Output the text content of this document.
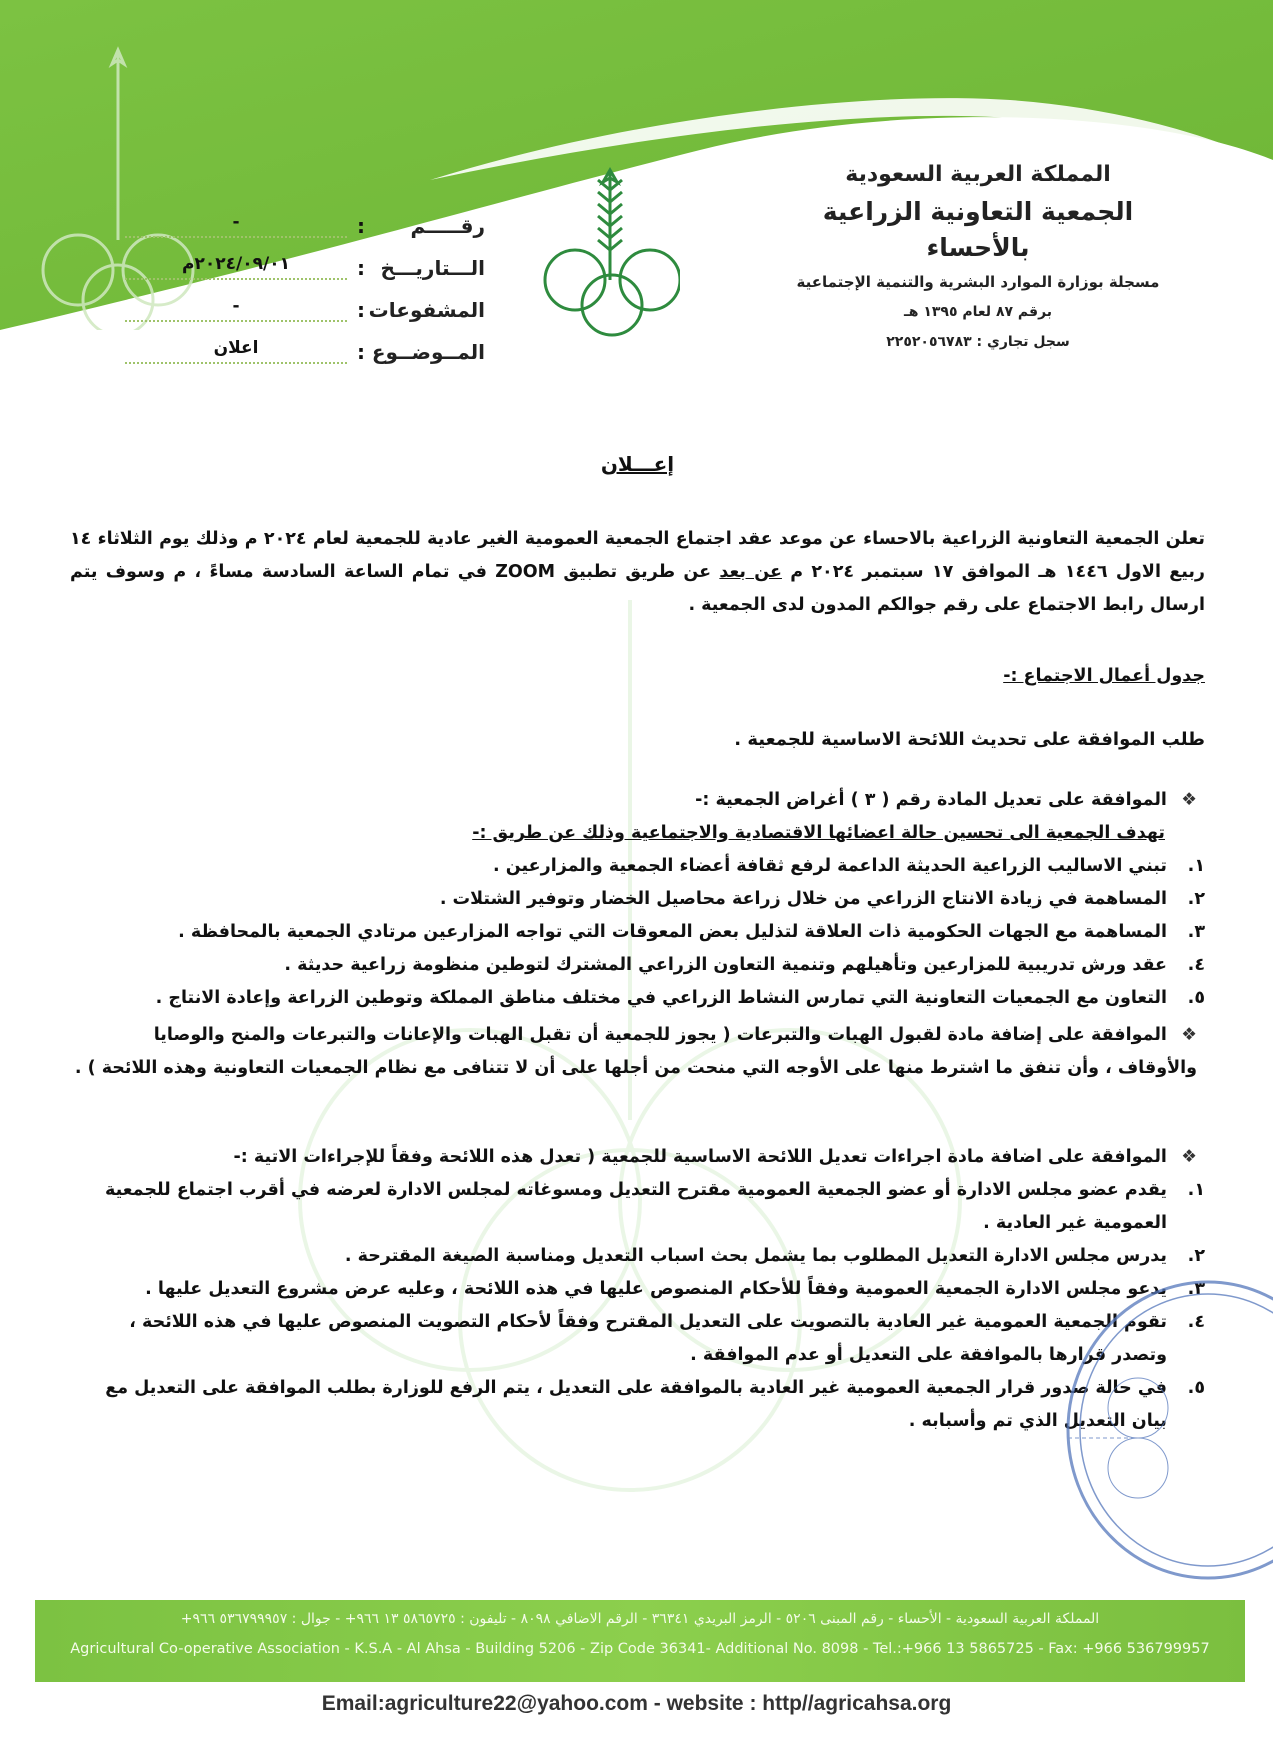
المملكة العربية السعودية
الجمعية التعاونية الزراعية بالأحساء
مسجلة بوزارة الموارد البشرية والتنمية الإجتماعية
برقم ٨٧ لعام ١٣٩٥ هـ
سجل تجاري : ٢٢٥٢٠٥٦٧٨٣
رقـــــم
:
-
الـــتاريـــخ
:
٢٠٢٤/٠٩/٠١م
المشفوعات
:
-
المــوضــوع
:
اعلان
إعـــلان
تعلن الجمعية التعاونية الزراعية بالاحساء عن موعد عقد اجتماع الجمعية العمومية الغير عادية للجمعية لعام ٢٠٢٤ م وذلك يوم الثلاثاء ١٤ ربيع الاول ١٤٤٦ هـ الموافق ١٧ سبتمبر ٢٠٢٤ م عن بعد عن طريق تطبيق ZOOM في تمام الساعة السادسة مساءً ، م وسوف يتم ارسال رابط الاجتماع على رقم جوالكم المدون لدى الجمعية .
جدول أعمال الاجتماع :-
طلب الموافقة على تحديث اللائحة الاساسية للجمعية .
❖ الموافقة على تعديل المادة رقم ( ٣ ) أغراض الجمعية :-
تهدف الجمعية الى تحسين حالة اعضائها الاقتصادية والاجتماعية وذلك عن طريق :-
١.
تبني الاساليب الزراعية الحديثة الداعمة لرفع ثقافة أعضاء الجمعية والمزارعين .
٢.
المساهمة في زيادة الانتاج الزراعي من خلال زراعة محاصيل الخضار وتوفير الشتلات .
٣.
المساهمة مع الجهات الحكومية ذات العلاقة لتذليل بعض المعوقات التي تواجه المزارعين مرتادي الجمعية بالمحافظة .
٤.
عقد ورش تدريبية للمزارعين وتأهيلهم وتنمية التعاون الزراعي المشترك لتوطين منظومة زراعية حديثة .
٥.
التعاون مع الجمعيات التعاونية التي تمارس النشاط الزراعي في مختلف مناطق المملكة وتوطين الزراعة وإعادة الانتاج .
❖ الموافقة على إضافة مادة لقبول الهبات والتبرعات ( يجوز للجمعية أن تقبل الهبات والإعانات والتبرعات والمنح والوصايا والأوقاف ، وأن تنفق ما اشترط منها على الأوجه التي منحت من أجلها على أن لا تتنافى مع نظام الجمعيات التعاونية وهذه اللائحة ) .
❖ الموافقة على اضافة مادة اجراءات تعديل اللائحة الاساسية للجمعية ( تعدل هذه اللائحة وفقاً للإجراءات الاتية :-
١.
يقدم عضو مجلس الادارة أو عضو الجمعية العمومية مقترح التعديل ومسوغاته لمجلس الادارة لعرضه في أقرب اجتماع للجمعية العمومية غير العادية .
٢.
يدرس مجلس الادارة التعديل المطلوب بما يشمل بحث اسباب التعديل ومناسبة الصيغة المقترحة .
٣.
يدعو مجلس الادارة الجمعية العمومية وفقاً للأحكام المنصوص عليها في هذه اللائحة ، وعليه عرض مشروع التعديل عليها .
٤.
تقوم الجمعية العمومية غير العادية بالتصويت على التعديل المقترح وفقاً لأحكام التصويت المنصوص عليها في هذه اللائحة ، وتصدر قرارها بالموافقة على التعديل أو عدم الموافقة .
٥.
في حالة صدور قرار الجمعية العمومية غير العادية بالموافقة على التعديل ، يتم الرفع للوزارة بطلب الموافقة على التعديل مع بيان التعديل الذي تم وأسبابه .
المملكة العربية السعودية - الأحساء - رقم المبنى ٥٢٠٦ - الرمز البريدي ٣٦٣٤١ - الرقم الاضافي ٨٠٩٨ - تليفون : ٥٨٦٥٧٢٥ ١٣ ٩٦٦+ - جوال : ٥٣٦٧٩٩٩٥٧ ٩٦٦+
Agricultural Co-operative Association - K.S.A - Al Ahsa - Building 5206 - Zip Code 36341- Additional No. 8098 - Tel.:+966 13 5865725 - Fax: +966 536799957
Email:agriculture22@yahoo.com - website : http//agricahsa.org
